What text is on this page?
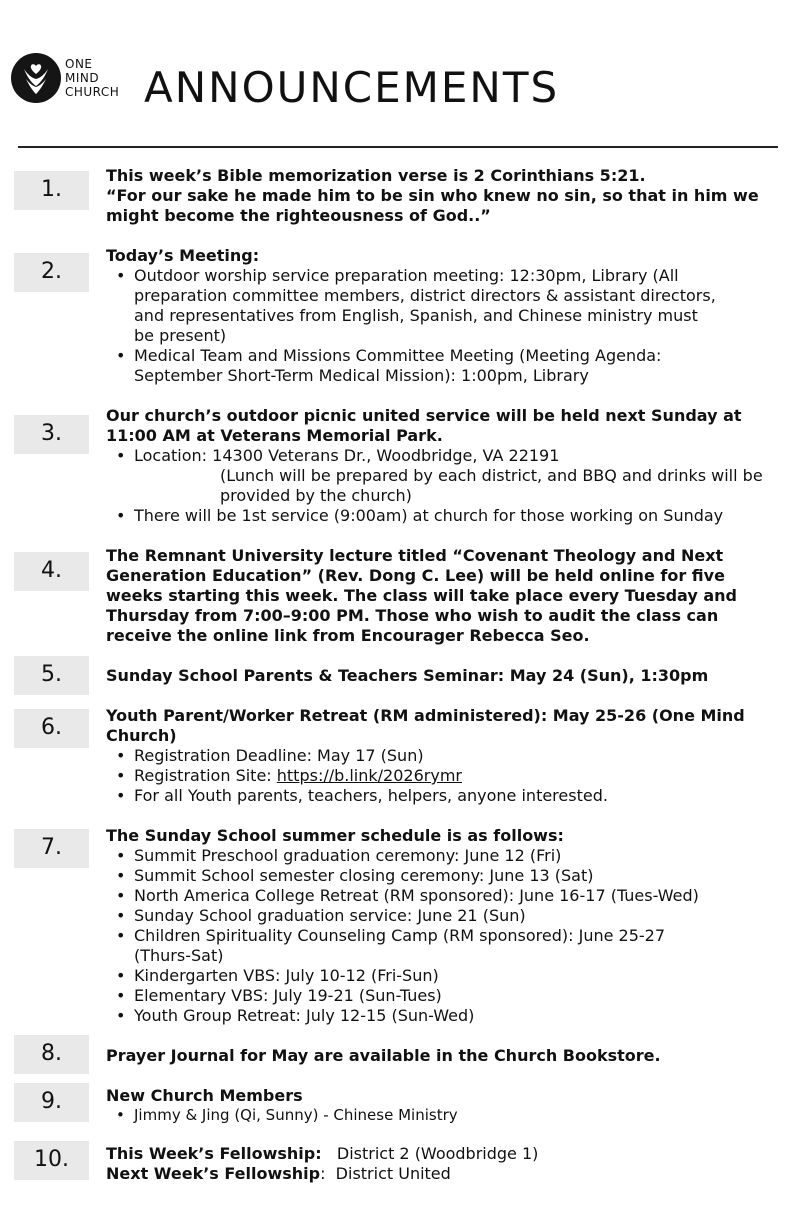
ONE
MIND
CHURCH ANNOUNCEMENTS
1.
This week’s Bible memorization verse is 2 Corinthians 5:21.
“For our sake he made him to be sin who knew no sin, so that in him we might become the righteousness of God..”
2.
Today’s Meeting:
• Outdoor worship service preparation meeting: 12:30pm, Library (All preparation committee members, district directors & assistant directors, and representatives from English, Spanish, and Chinese ministry must be present)
• Medical Team and Missions Committee Meeting (Meeting Agenda: September Short-Term Medical Mission): 1:00pm, Library
3.
Our church’s outdoor picnic united service will be held next Sunday at 11:00 AM at Veterans Memorial Park.
• Location: 14300 Veterans Dr., Woodbridge, VA 22191
(Lunch will be prepared by each district, and BBQ and drinks will be provided by the church)
• There will be 1st service (9:00am) at church for those working on Sunday
4.
The Remnant University lecture titled “Covenant Theology and Next Generation Education” (Rev. Dong C. Lee) will be held online for five weeks starting this week. The class will take place every Tuesday and Thursday from 7:00–9:00 PM. Those who wish to audit the class can receive the online link from Encourager Rebecca Seo.
5.	Sunday School Parents & Teachers Seminar: May 24 (Sun), 1:30pm
6.	Youth Parent/Worker Retreat (RM administered): May 25-26 (One Mind Church)
• Registration Deadline: May 17 (Sun)
• Registration Site: https://b.link/2026rymr
• For all Youth parents, teachers, helpers, anyone interested.
7.	The Sunday School summer schedule is as follows:
• Summit Preschool graduation ceremony: June 12 (Fri)
• Summit School semester closing ceremony: June 13 (Sat)
• North America College Retreat (RM sponsored): June 16-17 (Tues-Wed)
• Sunday School graduation service: June 21 (Sun)
• Children Spirituality Counseling Camp (RM sponsored): June 25-27 (Thurs-Sat)
• Kindergarten VBS: July 10-12 (Fri-Sun)
• Elementary VBS: July 19-21 (Sun-Tues)
• Youth Group Retreat: July 12-15 (Sun-Wed)
8.	Prayer Journal for May are available in the Church Bookstore.
9.	New Church Members
• Jimmy & Jing (Qi, Sunny) - Chinese Ministry
10.	This Week’s Fellowship:   District 2 (Woodbridge 1)
Next Week’s Fellowship:  District United
